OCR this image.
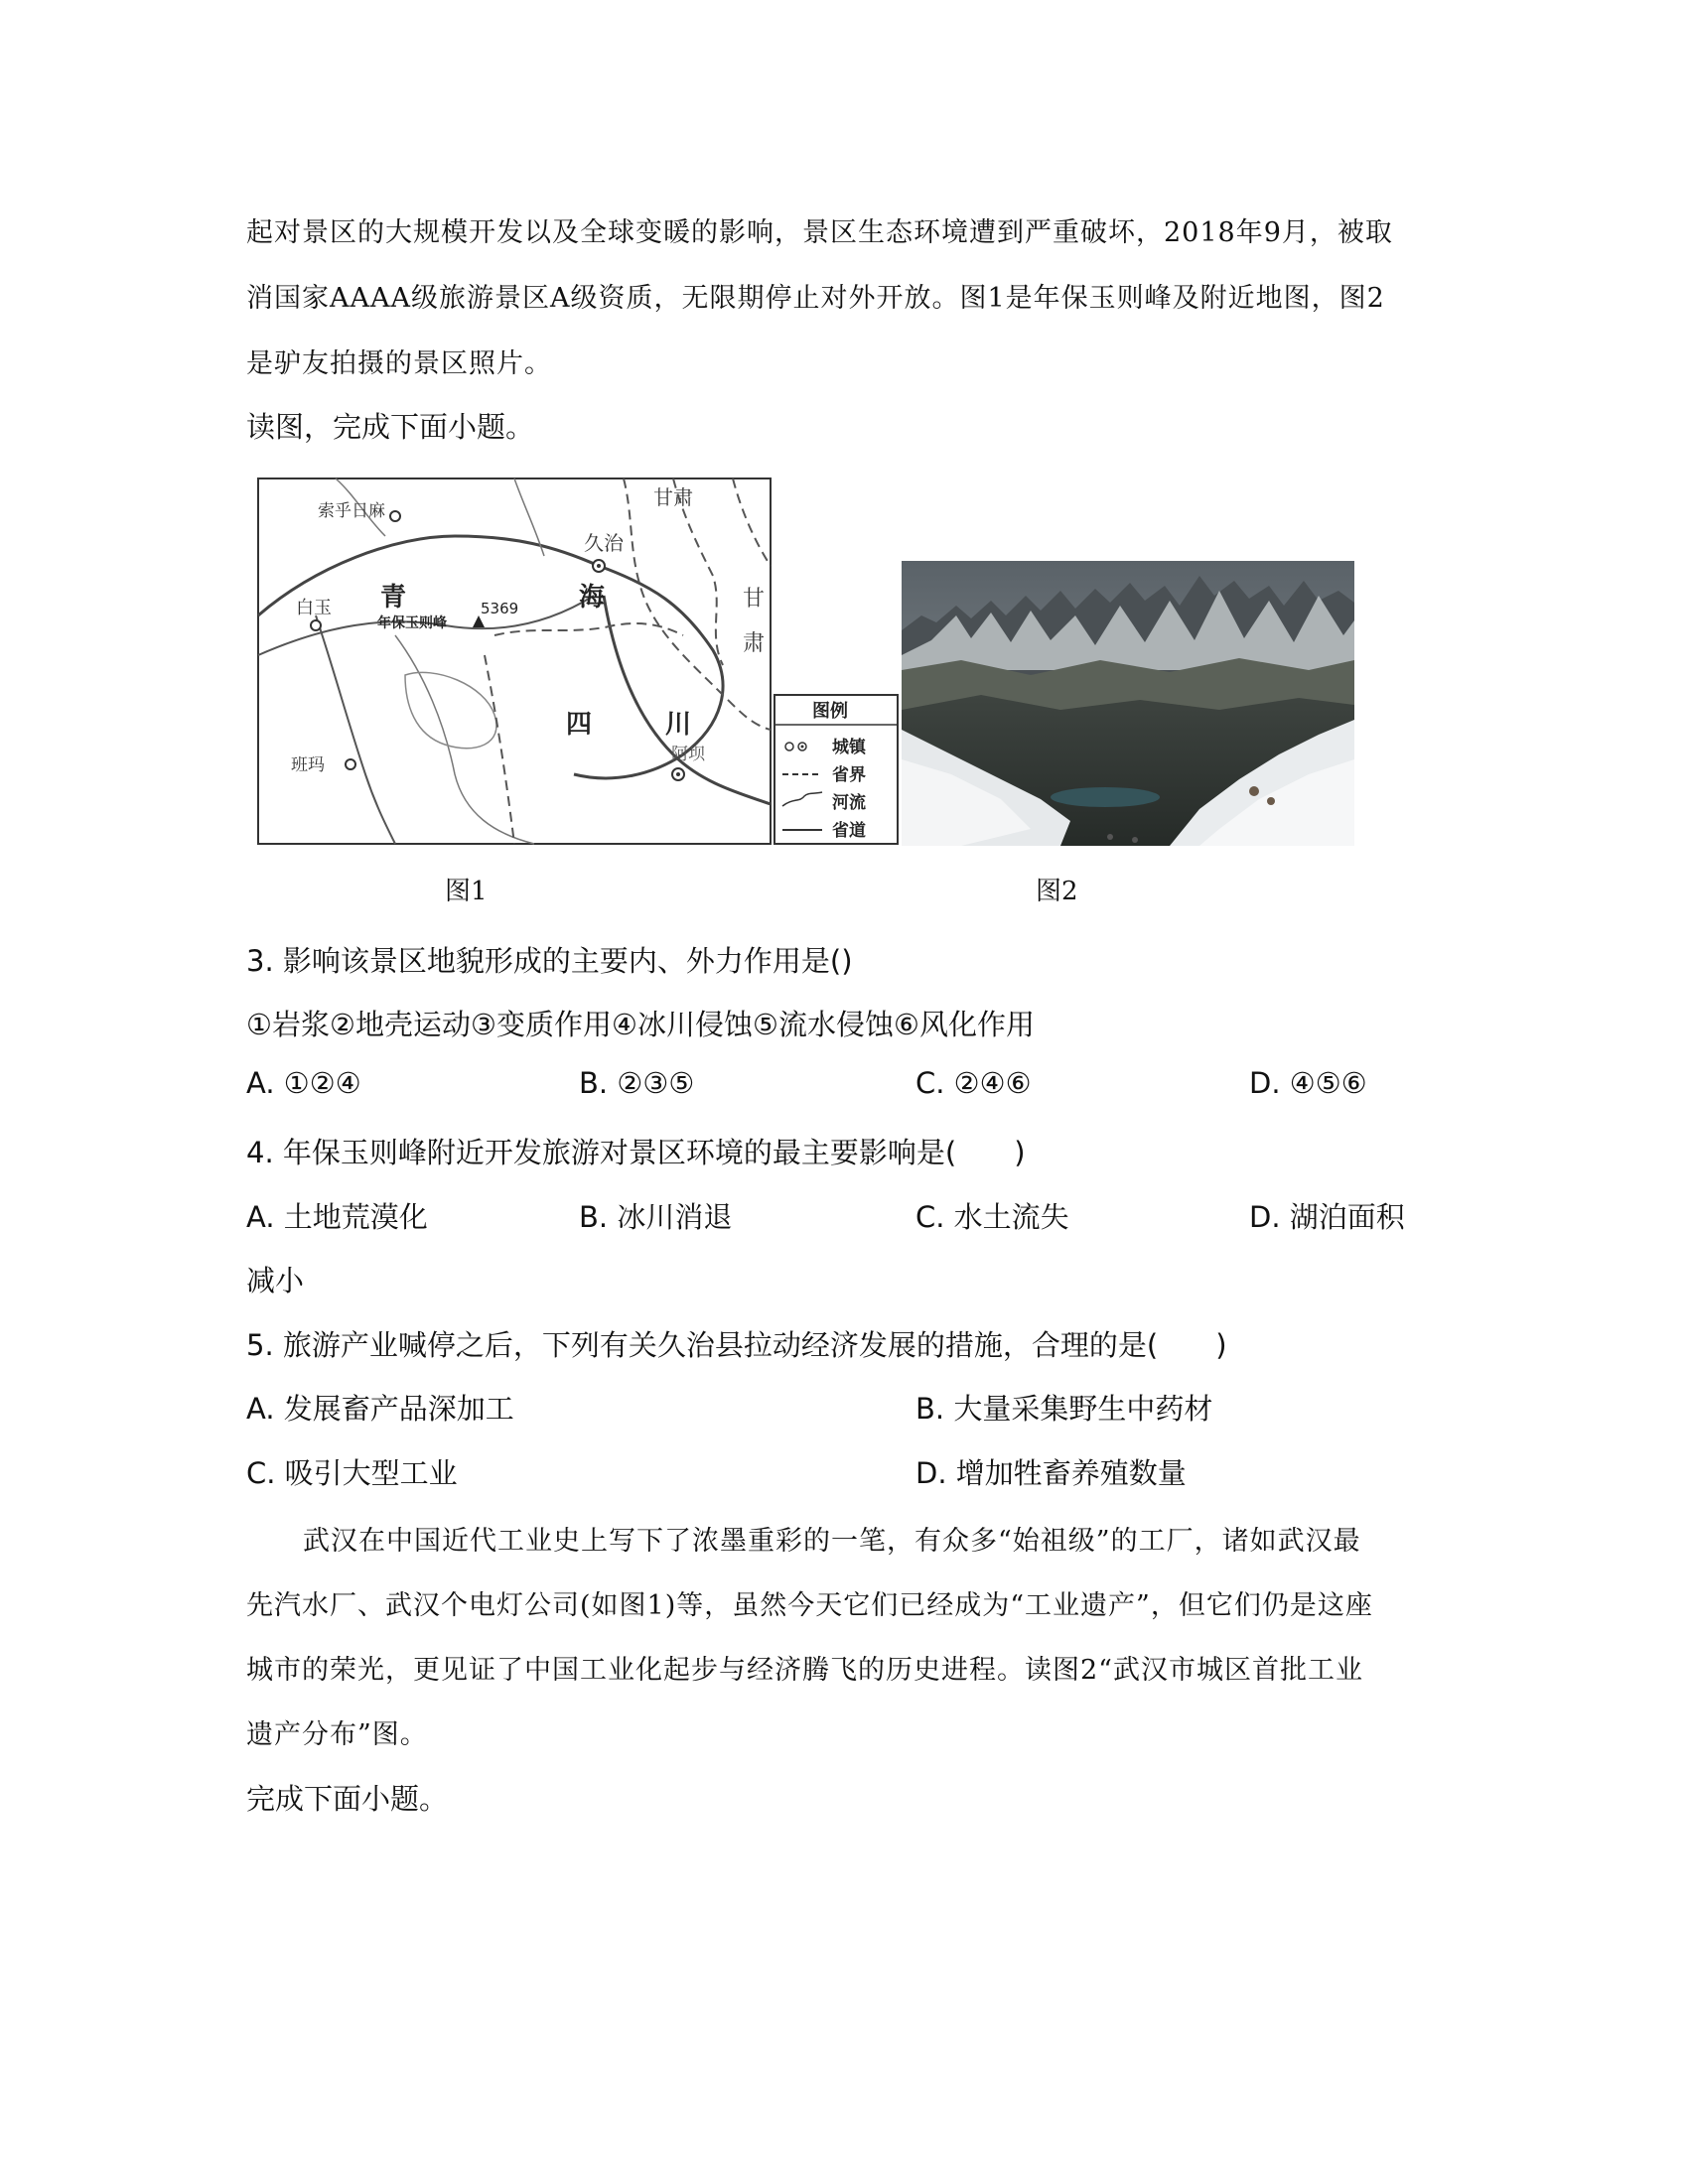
起对景区的大规模开发以及全球变暖的影响，景区生态环境遭到严重破坏，2018年9月，被取
消国家AAAA级旅游景区A级资质，无限期停止对外开放。图1是年保玉则峰及附近地图，图2
是驴友拍摄的景区照片。
读图，完成下面小题。
索乎日麻
久治
白玉 青	海
甘肃
甘
肃
年保玉则峰
5369
四	川
阿坝
班玛
图例
城镇
省界
河流
省道
图1	图2
3. 影响该景区地貌形成的主要内、外力作用是()
①岩浆②地壳运动③变质作用④冰川侵蚀⑤流水侵蚀⑥风化作用
A. ①②④	B. ②③⑤	C. ②④⑥	D. ④⑤⑥
4. 年保玉则峰附近开发旅游对景区环境的最主要影响是(　　)
A. 土地荒漠化	B. 冰川消退	C. 水土流失	D. 湖泊面积
减小
5. 旅游产业喊停之后，下列有关久治县拉动经济发展的措施，合理的是(　　)
A. 发展畜产品深加工	B. 大量采集野生中药材
C. 吸引大型工业	D. 增加牲畜养殖数量
武汉在中国近代工业史上写下了浓墨重彩的一笔，有众多“始祖级”的工厂，诸如武汉最
先汽水厂、武汉个电灯公司(如图1)等，虽然今天它们已经成为“工业遗产”，但它们仍是这座
城市的荣光，更见证了中国工业化起步与经济腾飞的历史进程。读图2“武汉市城区首批工业
遗产分布”图。
完成下面小题。
